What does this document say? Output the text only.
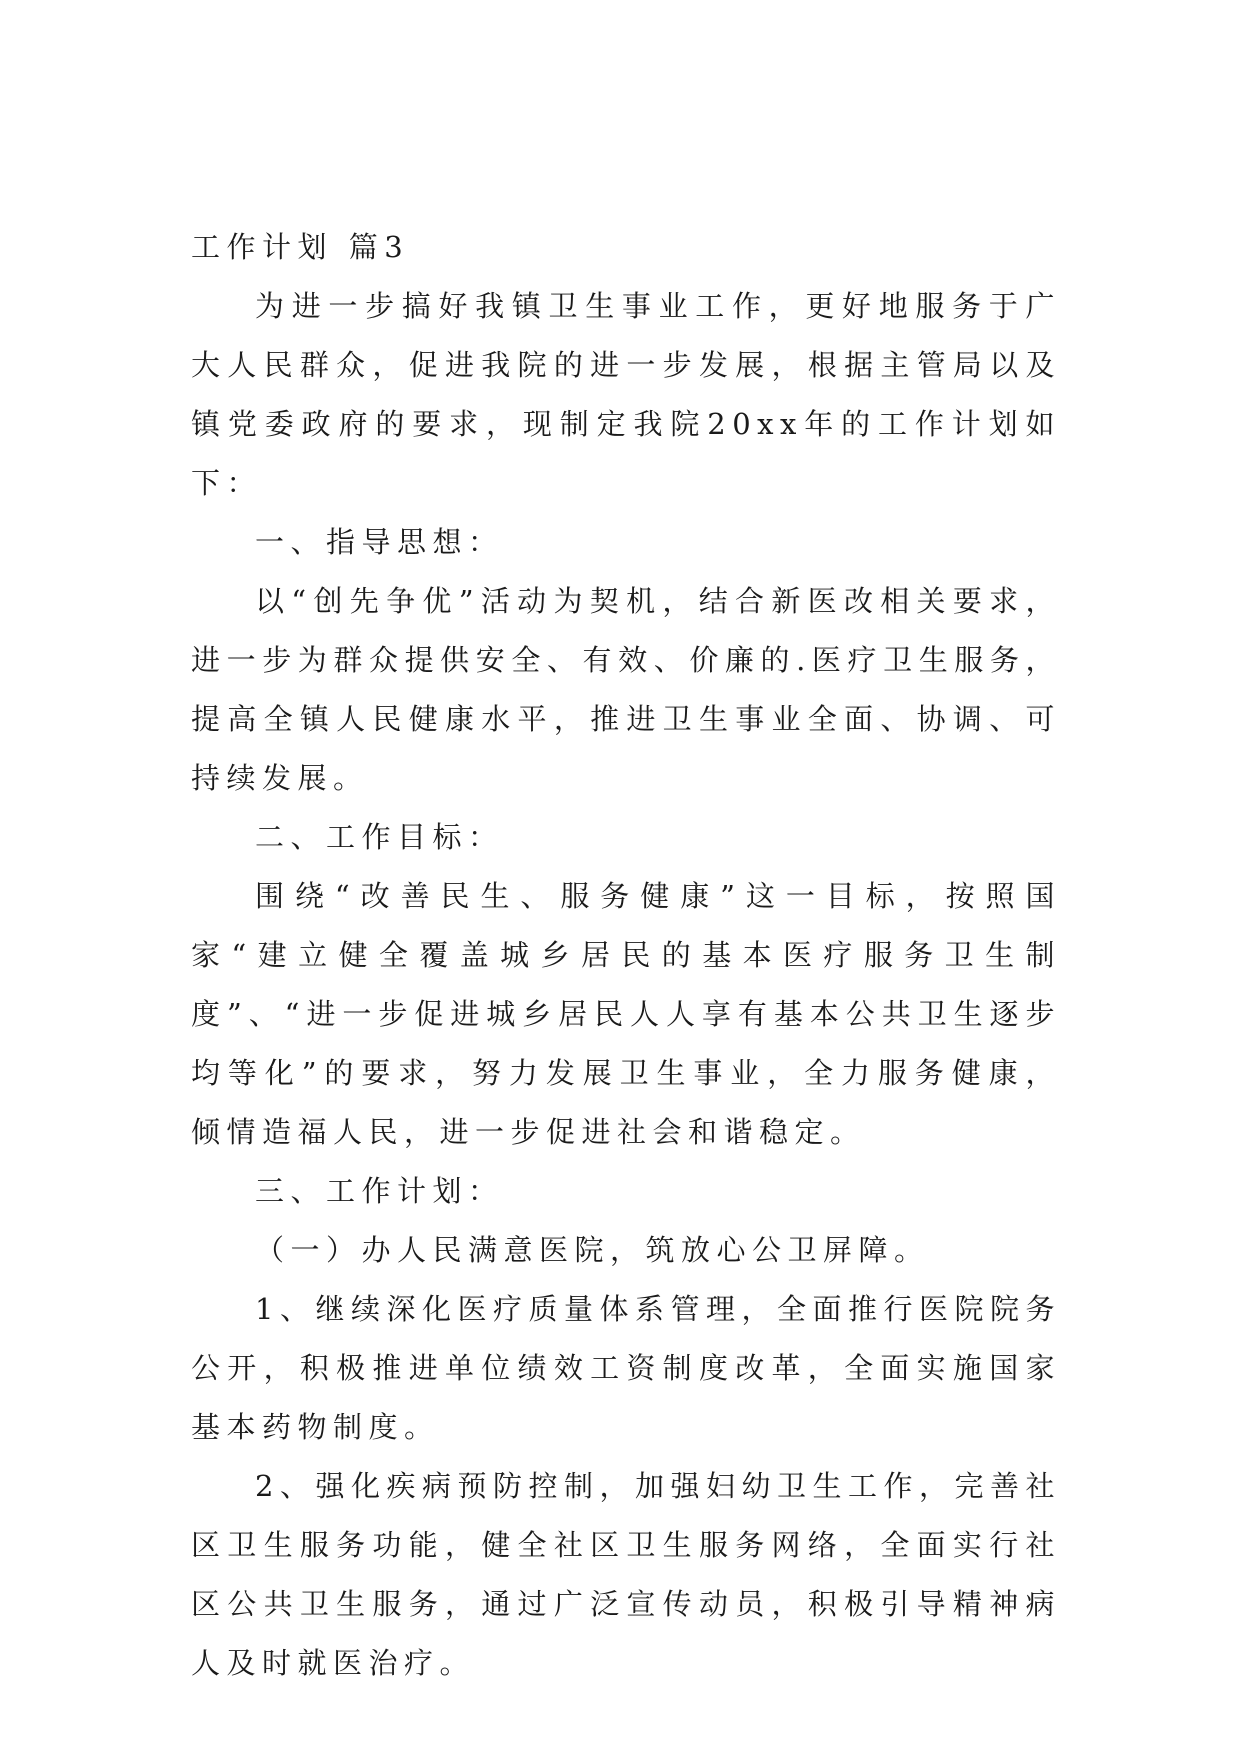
工作计划 篇3

为进一步搞好我镇卫生事业工作，更好地服务于广大人民群众，促进我院的进一步发展，根据主管局以及镇党委政府的要求，现制定我院20xx年的工作计划如下：

一、指导思想：

以“创先争优”活动为契机，结合新医改相关要求，进一步为群众提供安全、有效、价廉的.医疗卫生服务，提高全镇人民健康水平，推进卫生事业全面、协调、可持续发展。

二、工作目标：

围绕“改善民生、服务健康”这一目标，按照国家“建立健全覆盖城乡居民的基本医疗服务卫生制度”、“进一步促进城乡居民人人享有基本公共卫生逐步均等化”的要求，努力发展卫生事业，全力服务健康，倾情造福人民，进一步促进社会和谐稳定。

三、工作计划：

（一）办人民满意医院，筑放心公卫屏障。

1、继续深化医疗质量体系管理，全面推行医院院务公开，积极推进单位绩效工资制度改革，全面实施国家基本药物制度。

2、强化疾病预防控制，加强妇幼卫生工作，完善社区卫生服务功能，健全社区卫生服务网络，全面实行社区公共卫生服务，通过广泛宣传动员，积极引导精神病人及时就医治疗。
